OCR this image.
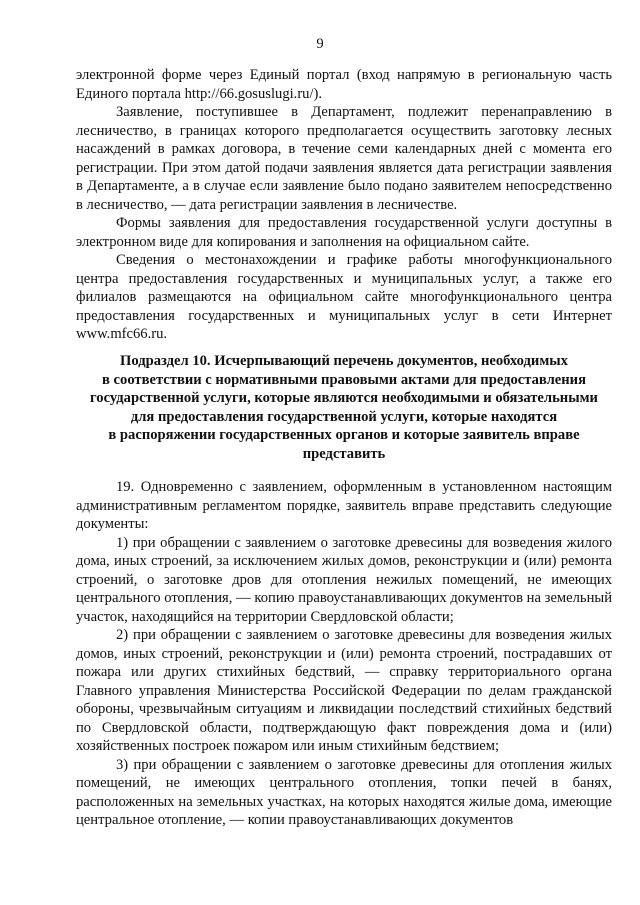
9

электронной форме через Единый портал (вход напрямую в региональную часть Единого портала http://66.gosuslugi.ru/).

Заявление, поступившее в Департамент, подлежит перенаправлению в лесничество, в границах которого предполагается осуществить заготовку лесных насаждений в рамках договора, в течение семи календарных дней с момента его регистрации. При этом датой подачи заявления является дата регистрации заявления в Департаменте, а в случае если заявление было подано заявителем непосредственно в лесничество, — дата регистрации заявления в лесничестве.

Формы заявления для предоставления государственной услуги доступны в электронном виде для копирования и заполнения на официальном сайте.

Сведения о местонахождении и графике работы многофункционального центра предоставления государственных и муниципальных услуг, а также его филиалов размещаются на официальном сайте многофункционального центра предоставления государственных и муниципальных услуг в сети Интернет www.mfc66.ru.

Подраздел 10. Исчерпывающий перечень документов, необходимых
в соответствии с нормативными правовыми актами для предоставления
государственной услуги, которые являются необходимыми и обязательными
для предоставления государственной услуги, которые находятся
в распоряжении государственных органов и которые заявитель вправе
представить

19. Одновременно с заявлением, оформленным в установленном настоящим административным регламентом порядке, заявитель вправе представить следующие документы:

1) при обращении с заявлением о заготовке древесины для возведения жилого дома, иных строений, за исключением жилых домов, реконструкции и (или) ремонта строений, о заготовке дров для отопления нежилых помещений, не имеющих центрального отопления, — копию правоустанавливающих документов на земельный участок, находящийся на территории Свердловской области;

2) при обращении с заявлением о заготовке древесины для возведения жилых домов, иных строений, реконструкции и (или) ремонта строений, пострадавших от пожара или других стихийных бедствий, — справку территориального органа Главного управления Министерства Российской Федерации по делам гражданской обороны, чрезвычайным ситуациям и ликвидации последствий стихийных бедствий по Свердловской области, подтверждающую факт повреждения дома и (или) хозяйственных построек пожаром или иным стихийным бедствием;

3) при обращении с заявлением о заготовке древесины для отопления жилых помещений, не имеющих центрального отопления, топки печей в банях, расположенных на земельных участках, на которых находятся жилые дома, имеющие центральное отопление, — копии правоустанавливающих документов
